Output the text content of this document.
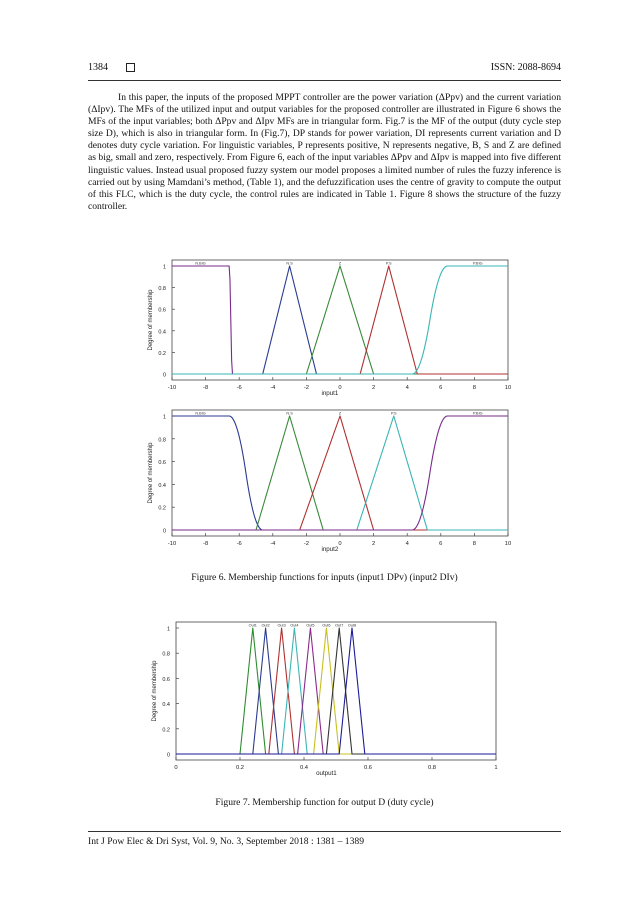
1384	ISSN: 2088-8694

In this paper, the inputs of the proposed MPPT controller are the power variation (ΔPpv) and the current variation (ΔIpv). The MFs of the utilized input and output variables for the proposed controller are illustrated in Figure 6 shows the MFs of the input variables; both ΔPpv and ΔIpv MFs are in triangular form. Fig.7 is the MF of the output (duty cycle step size D), which is also in triangular form. In (Fig.7), DP stands for power variation, DI represents current variation and D denotes duty cycle variation. For linguistic variables, P represents positive, N represents negative, B, S and Z are defined as big, small and zero, respectively. From Figure 6, each of the input variables ΔPpv and ΔIpv is mapped into five different linguistic values. Instead usual proposed fuzzy system our model proposes a limited number of rules the fuzzy inference is carried out by using Mamdani’s method, (Table 1), and the defuzzification uses the centre of gravity to compute the output of this FLC, which is the duty cycle, the control rules are indicated in Table 1. Figure 8 shows the structure of the fuzzy controller.

0
0.2
0.4
0.6
0.8
1
-10	-8	-6	-4	-2	0	2	4	6	8	10
input1
Degree of membership
N.BIG	N.S	Z	P.S	P.BIG
0
0.2
0.4
0.6
0.8
1
-10	-8	-6	-4	-2	0	2	4	6	8	10
input2
Degree of membership
N.BIG	N.S	Z	P.S	P.BIG
Figure 6. Membership functions for inputs (input1 DPv) (input2 DIv)
0
0.2
0.4
0.6
0.8
1
0	0.2	0.4	0.6	0.8	1
output1
Degree of membership
Out1 Out2 Out3 Out4 Out5 Out6 Out7 Out8
Figure 7. Membership function for output D (duty cycle)
Int J Pow Elec & Dri Syst, Vol. 9, No. 3, September 2018 : 1381 – 1389
